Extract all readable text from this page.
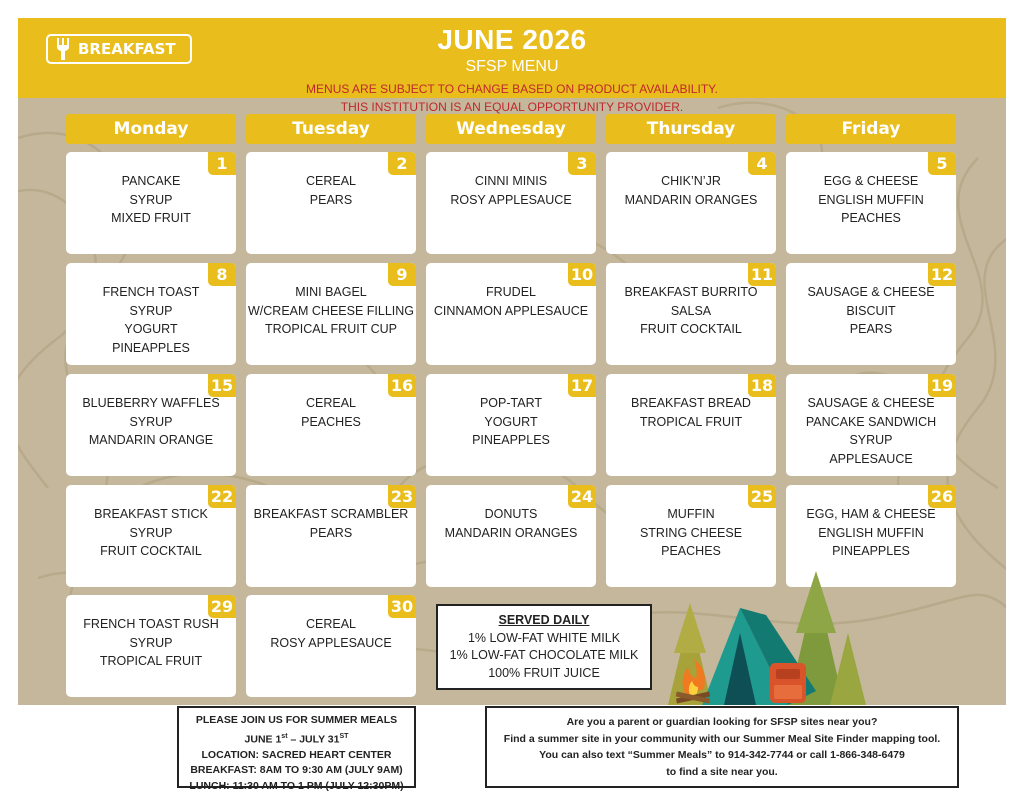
BREAKFAST	JUNE 2026
SFSP MENU
MENUS ARE SUBJECT TO CHANGE BASED ON PRODUCT AVAILABILITY.
THIS INSTITUTION IS AN EQUAL OPPORTUNITY PROVIDER.
Monday	Tuesday	Wednesday	Thursday	Friday
1
PANCAKE
SYRUP
MIXED FRUIT
2
CEREAL
PEARS
3
CINNI MINIS
ROSY APPLESAUCE
4
CHIK’N’JR
MANDARIN ORANGES
5
EGG & CHEESE
ENGLISH MUFFIN
PEACHES
8
FRENCH TOAST
SYRUP
YOGURT
PINEAPPLES
9
MINI BAGEL
W/CREAM CHEESE FILLING
TROPICAL FRUIT CUP
10
FRUDEL
CINNAMON APPLESAUCE
11
BREAKFAST BURRITO
SALSA
FRUIT COCKTAIL
12
SAUSAGE & CHEESE
BISCUIT
PEARS
15
BLUEBERRY WAFFLES
SYRUP
MANDARIN ORANGE
16
CEREAL
PEACHES
17
POP-TART
YOGURT
PINEAPPLES
18
BREAKFAST BREAD
TROPICAL FRUIT
19
SAUSAGE & CHEESE
PANCAKE SANDWICH
SYRUP
APPLESAUCE
22
BREAKFAST STICK
SYRUP
FRUIT COCKTAIL
23
BREAKFAST SCRAMBLER
PEARS
24
DONUTS
MANDARIN ORANGES
25
MUFFIN
STRING CHEESE
PEACHES
26
EGG, HAM & CHEESE
ENGLISH MUFFIN
PINEAPPLES
29
FRENCH TOAST RUSH
SYRUP
TROPICAL FRUIT
30
CEREAL
ROSY APPLESAUCE
SERVED DAILY
1% LOW-FAT WHITE MILK
1% LOW-FAT CHOCOLATE MILK
100% FRUIT JUICE
PLEASE JOIN US FOR SUMMER MEALS
JUNE 1st – JULY 31ST
LOCATION: SACRED HEART CENTER
BREAKFAST: 8AM TO 9:30 AM (JULY 9AM)
LUNCH: 11:30 AM TO 1 PM (JULY 12:30PM)
Are you a parent or guardian looking for SFSP sites near you?
Find a summer site in your community with our Summer Meal Site Finder mapping tool.
You can also text “Summer Meals” to 914-342-7744 or call 1-866-348-6479
to find a site near you.
